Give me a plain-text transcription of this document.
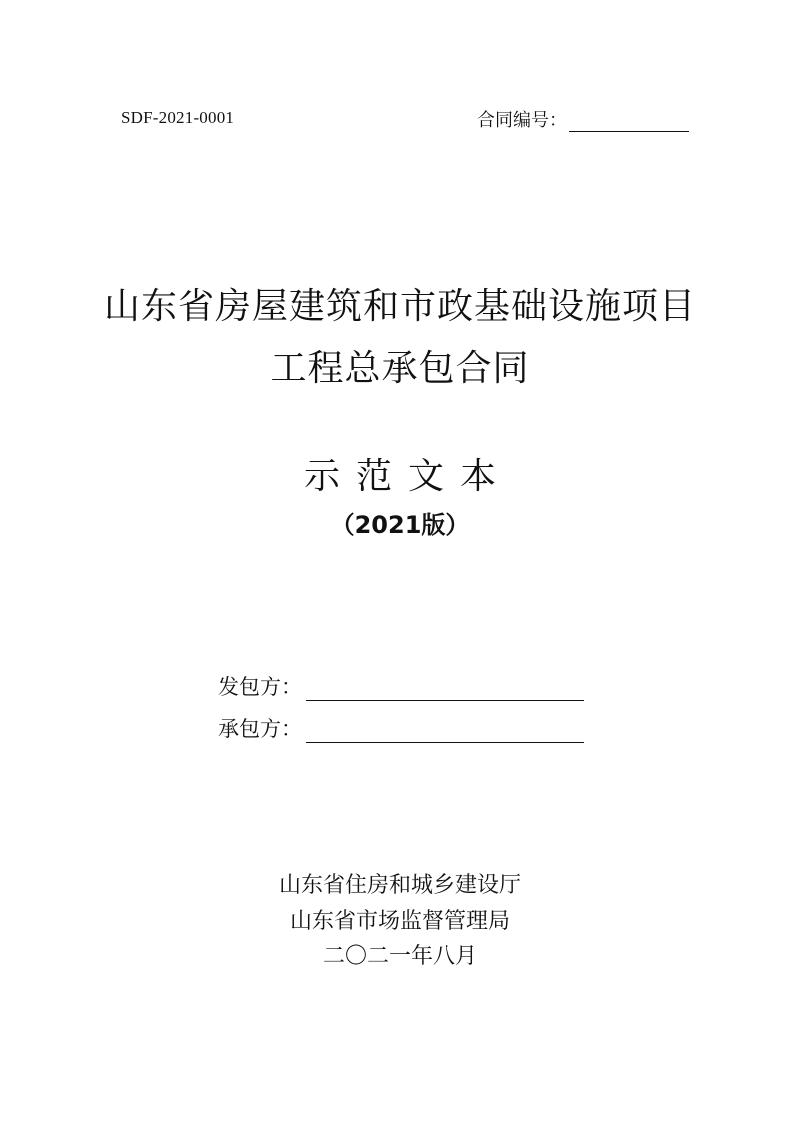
SDF-2021-0001	合同编号：
山东省房屋建筑和市政基础设施项目
工程总承包合同
示范文本
（2021版）
发包方：
承包方：
山东省住房和城乡建设厅
山东省市场监督管理局
二〇二一年八月
